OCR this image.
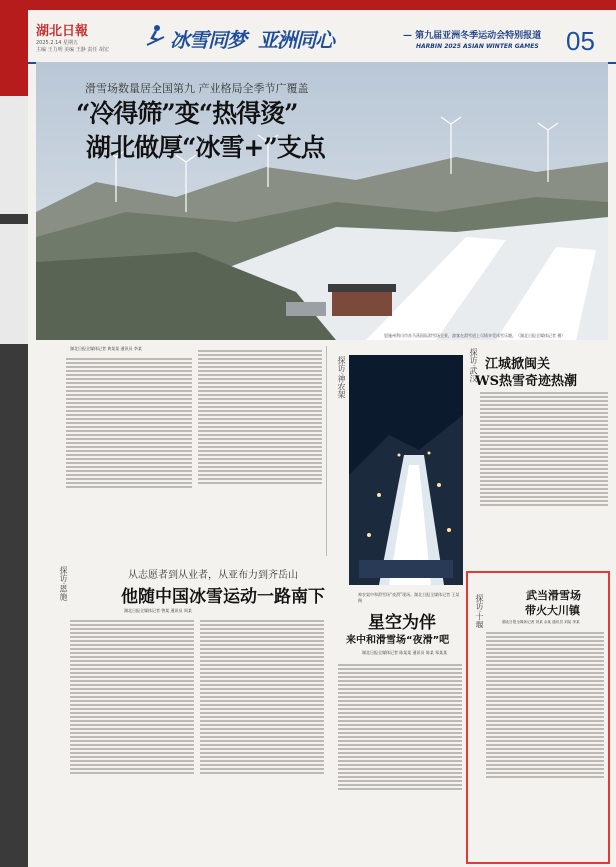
湖北日報
2025.2.14 星期五
主编 王力明 美编 王静 责任 胡宏	冰雪同梦 亚洲同心	— 第九届亚洲冬季运动会特别报道
HARBIN 2025 ASIAN WINTER GAMES 05
滑雪场数量居全国第九 产业格局全季节广覆盖
“冷得筛”变“热得烫”
湖北做厚“冰雪+”支点
恩施州利川市苏马荡国际滑雪场全景，游客在滑雪道上尽情享受冰雪乐趣。（湖北日报全媒体记者 摄）
湖北日报全媒体记者 黄某某 通讯员 李某
探访·神农架
神农架中和滑雪场“夜滑”现场。湖北日报全媒体记者 王某 摄
星空为伴
来中和滑雪场“夜滑”吧
湖北日报全媒体记者 陈某某 通讯员 陈某 邹某某
探访·武汉 江城掀闽关
WS热雪奇迹热潮
探访·恩施	从志愿者到从业者，从亚布力到齐岳山
他随中国冰雪运动一路南下
湖北日报全媒体记者 曾某 通讯员 周某	探访·十堰	武当滑雪场
带火大川镇
湖北日报全媒体记者 刘某 余某 通讯员 刘某 李某
